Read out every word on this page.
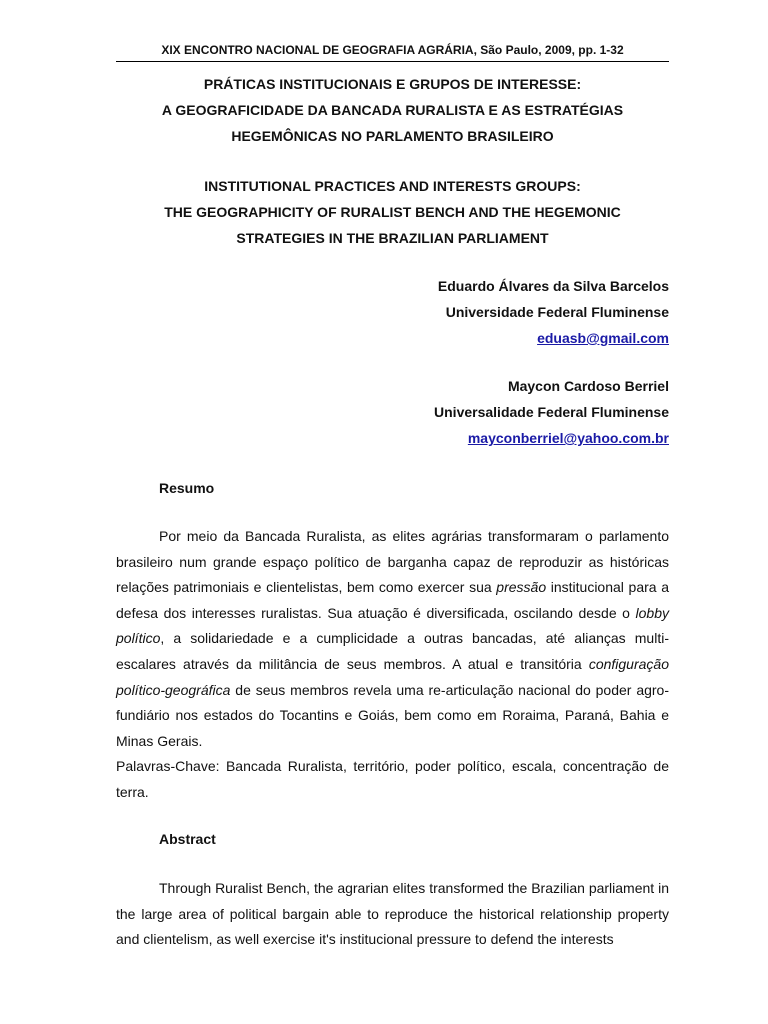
XIX ENCONTRO NACIONAL DE GEOGRAFIA AGRÁRIA, São Paulo, 2009, pp. 1-32
PRÁTICAS INSTITUCIONAIS E GRUPOS DE INTERESSE:
A GEOGRAFICIDADE DA BANCADA RURALISTA E AS ESTRATÉGIAS
HEGEMÔNICAS NO PARLAMENTO BRASILEIRO
INSTITUTIONAL PRACTICES AND INTERESTS GROUPS:
THE GEOGRAPHICITY OF RURALIST BENCH AND THE HEGEMONIC
STRATEGIES IN THE BRAZILIAN PARLIAMENT
Eduardo Álvares da Silva Barcelos
Universidade Federal Fluminense
eduasb@gmail.com
Maycon Cardoso Berriel
Universalidade Federal Fluminense
mayconberriel@yahoo.com.br
Resumo

Por meio da Bancada Ruralista, as elites agrárias transformaram o parlamento brasileiro num grande espaço político de barganha capaz de reproduzir as históricas relações patrimoniais e clientelistas, bem como exercer sua pressão institucional para a defesa dos interesses ruralistas. Sua atuação é diversificada, oscilando desde o lobby político, a solidariedade e a cumplicidade a outras bancadas, até alianças multi-escalares através da militância de seus membros. A atual e transitória configuração político-geográfica de seus membros revela uma re-articulação nacional do poder agro-fundiário nos estados do Tocantins e Goiás, bem como em Roraima, Paraná, Bahia e Minas Gerais.

Palavras-Chave: Bancada Ruralista, território, poder político, escala, concentração de terra.

Abstract

Through Ruralist Bench, the agrarian elites transformed the Brazilian parliament in the large area of political bargain able to reproduce the historical relationship property and clientelism, as well exercise it's institucional pressure to defend the interests
